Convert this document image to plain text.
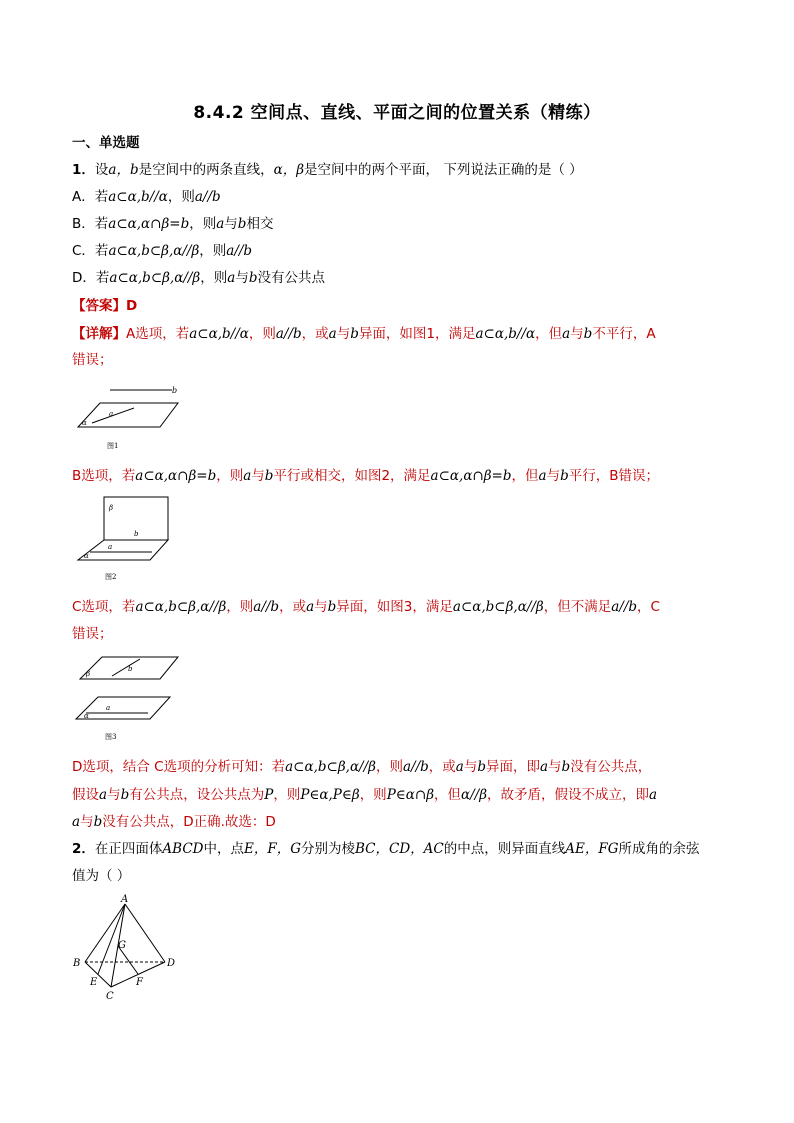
8.4.2 空间点、直线、平面之间的位置关系（精练）
一、单选题
1．设a，b是空间中的两条直线，α，β是空间中的两个平面， 下列说法正确的是（ ）
A．若a⊂α,b//α，则a//b
B．若a⊂α,α∩β=b，则a与b相交
C．若a⊂α,b⊂β,α//β，则a//b
D．若a⊂α,b⊂β,α//β，则a与b没有公共点
【答案】D
【详解】A选项，若a⊂α,b//α，则a//b，或a与b异面，如图1，满足a⊂α,b//α，但a与b不平行，A
错误；
b
a
α
图1
B选项，若a⊂α,α∩β=b，则a与b平行或相交，如图2，满足a⊂α,α∩β=b，但a与b平行，B错误；
β
b
a
α
图2
C选项，若a⊂α,b⊂β,α//β，则a//b，或a与b异面，如图3，满足a⊂α,b⊂β,α//β，但不满足a//b，C
错误；
β
b
a
α
图3
D选项，结合 C选项的分析可知：若a⊂α,b⊂β,α//β，则a//b，或a与b异面，即a与b没有公共点，
假设a与b有公共点，设公共点为P，则P∈α,P∈β，则P∈α∩β，但α//β，故矛盾，假设不成立，即a
a与b没有公共点，D正确.故选：D
2．在正四面体ABCD中，点E，F，G分别为棱BC，CD，AC的中点，则异面直线AE，FG所成角的余弦
值为（ ）
A
B
C
D
E	F
G
